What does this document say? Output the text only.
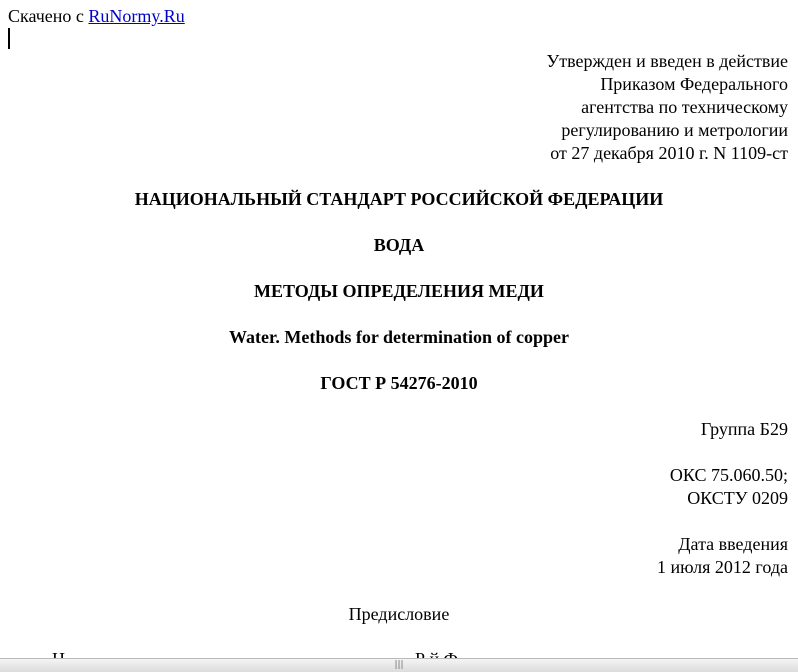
Скачено с RuNormy.Ru
Утвержден и введен в действие
Приказом Федерального
агентства по техническому
регулированию и метрологии
от 27 декабря 2010 г. N 1109-ст
НАЦИОНАЛЬНЫЙ СТАНДАРТ РОССИЙСКОЙ ФЕДЕРАЦИИ
ВОДА
МЕТОДЫ ОПРЕДЕЛЕНИЯ МЕДИ
Water. Methods for determination of copper
ГОСТ Р 54276-2010
Группа Б29
ОКС 75.060.50;
ОКСТУ 0209
Дата введения
1 июля 2012 года
Предисловие
|||
